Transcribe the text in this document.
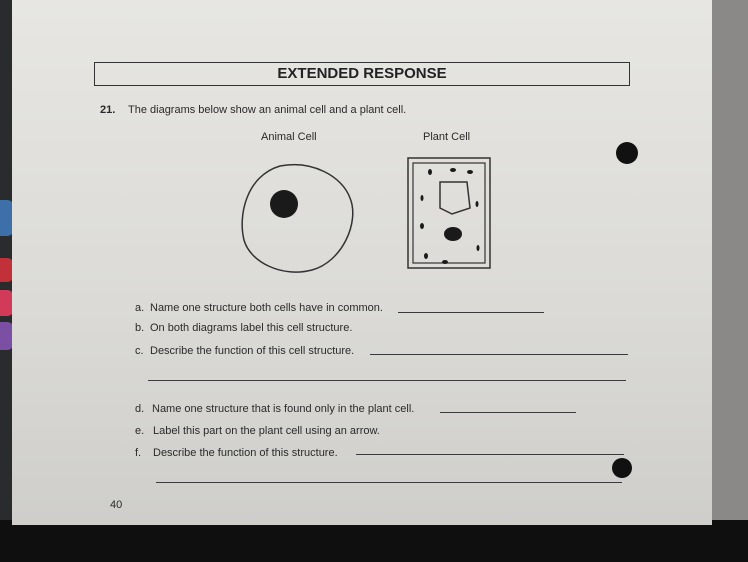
EXTENDED RESPONSE
21. The diagrams below show an animal cell and a plant cell.
Animal Cell	Plant Cell
a. Name one structure both cells have in common.
b. On both diagrams label this cell structure.
c. Describe the function of this cell structure.
d. Name one structure that is found only in the plant cell.
e. Label this part on the plant cell using an arrow.
f. Describe the function of this structure.
40
